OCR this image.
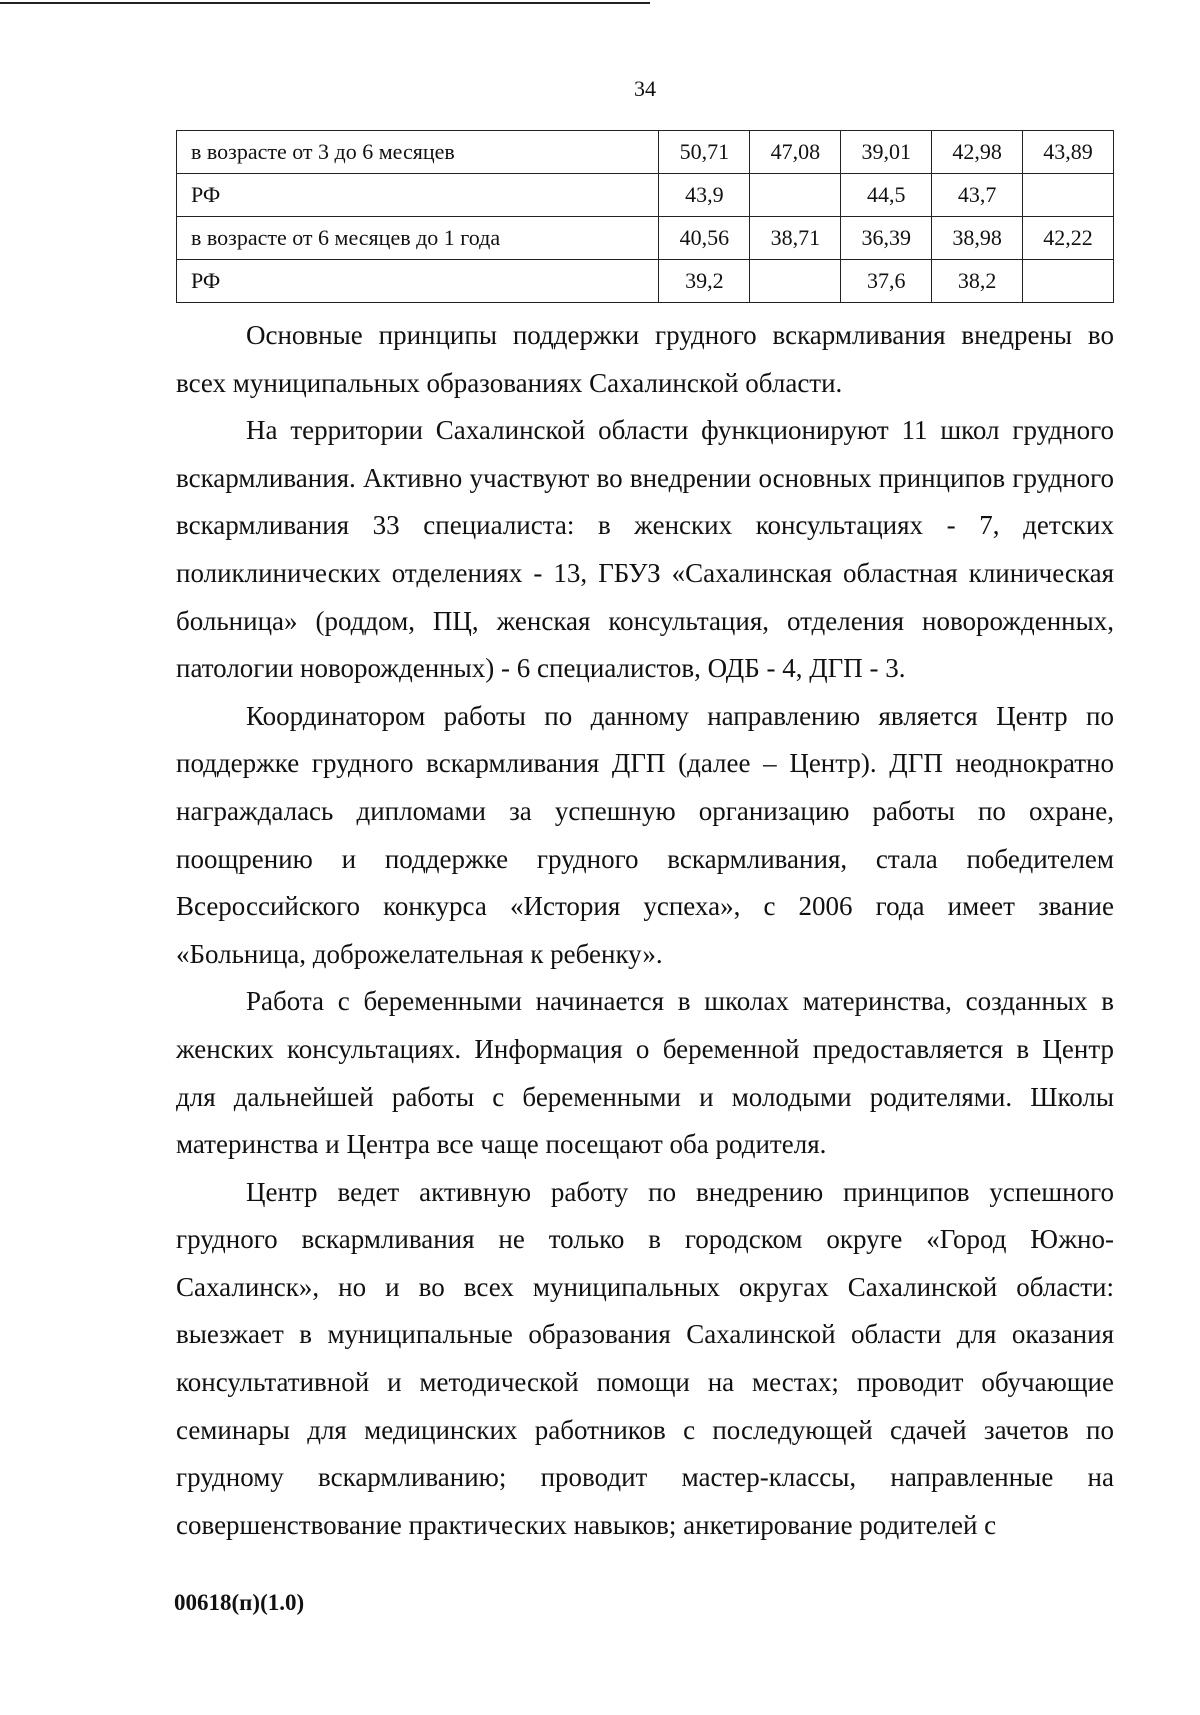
34
в возрасте от 3 до 6 месяцев	50,71	47,08	39,01	42,98	43,89
РФ	43,9		44,5	43,7	
в возрасте от 6 месяцев до 1 года	40,56	38,71	36,39	38,98	42,22
РФ	39,2		37,6	38,2	

Основные принципы поддержки грудного вскармливания внедрены во всех муниципальных образованиях Сахалинской области.

На территории Сахалинской области функционируют 11 школ грудного вскармливания. Активно участвуют во внедрении основных принципов грудного вскармливания 33 специалиста: в женских консультациях - 7, детских поликлинических отделениях - 13, ГБУЗ «Сахалинская областная клиническая больница» (роддом, ПЦ, женская консультация, отделения новорожденных, патологии новорожденных) - 6 специалистов, ОДБ - 4, ДГП - 3.

Координатором работы по данному направлению является Центр по поддержке грудного вскармливания ДГП (далее – Центр). ДГП неоднократно награждалась дипломами за успешную организацию работы по охране, поощрению и поддержке грудного вскармливания, стала победителем Всероссийского конкурса «История успеха», с 2006 года имеет звание «Больница, доброжелательная к ребенку».

Работа с беременными начинается в школах материнства, созданных в женских консультациях. Информация о беременной предоставляется в Центр для дальнейшей работы с беременными и молодыми родителями. Школы материнства и Центра все чаще посещают оба родителя.

Центр ведет активную работу по внедрению принципов успешного грудного вскармливания не только в городском округе «Город Южно-Сахалинск», но и во всех муниципальных округах Сахалинской области: выезжает в муниципальные образования Сахалинской области для оказания консультативной и методической помощи на местах; проводит обучающие семинары для медицинских работников с последующей сдачей зачетов по грудному вскармливанию; проводит мастер-классы, направленные на совершенствование практических навыков; анкетирование родителей с

00618(п)(1.0)
